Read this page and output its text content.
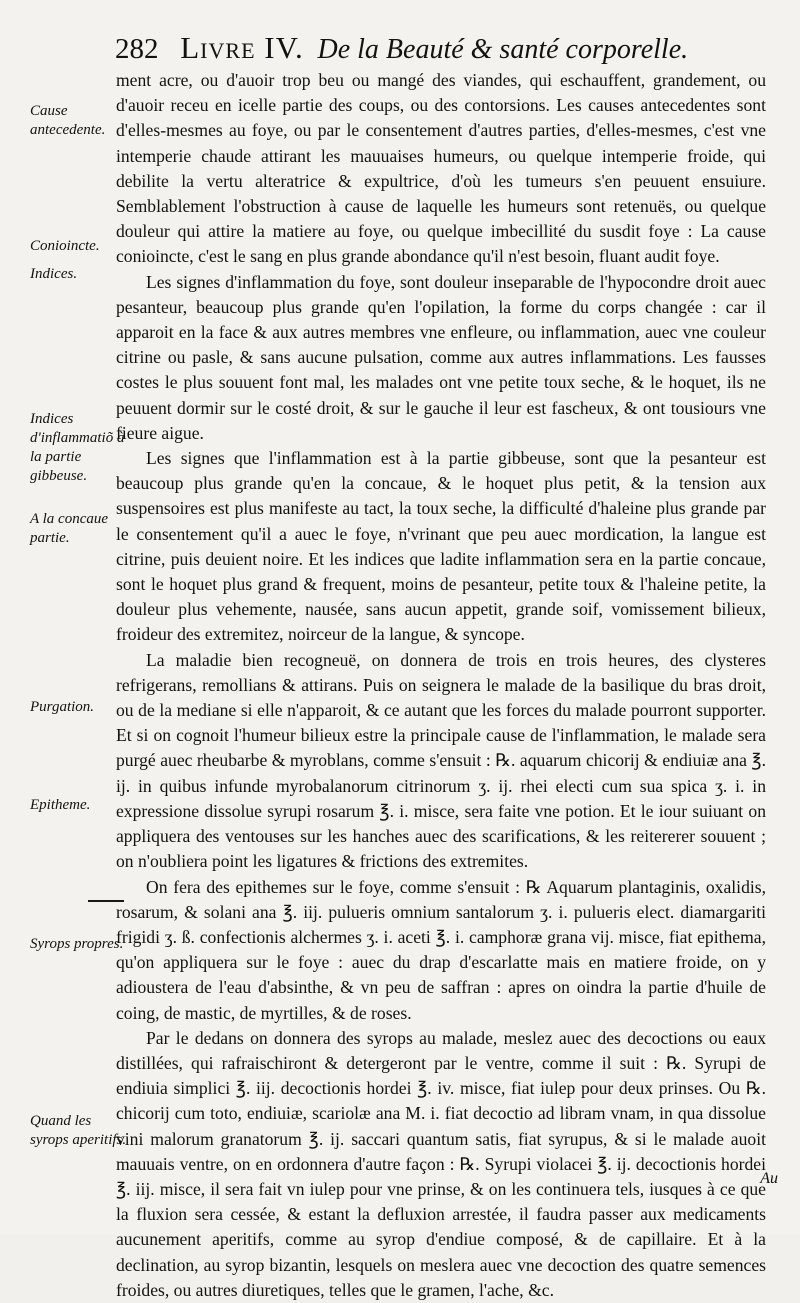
282 Livre IV. De la Beauté & santé corporelle.
Cause antecedente.
Conioincte.
Indices.
Indices d'inflammatiõ à la partie gibbeuse.
A la concaue partie.
Purgation.
Epitheme.
Syrops propres.
Quand les syrops aperitifs.

ment acre, ou d'auoir trop beu ou mangé des viandes, qui eschauffent, grandement, ou d'auoir receu en icelle partie des coups, ou des contorsions. Les causes antecedentes sont d'elles-mesmes au foye, ou par le consentement d'autres parties, d'elles-mesmes, c'est vne intemperie chaude attirant les mauuaises humeurs, ou quelque intemperie froide, qui debilite la vertu alteratrice & expultrice, d'où les tumeurs s'en peuuent ensuiure. Semblablement l'obstruction à cause de laquelle les humeurs sont retenuës, ou quelque douleur qui attire la matiere au foye, ou quelque imbecillité du susdit foye : La cause conioincte, c'est le sang en plus grande abondance qu'il n'est besoin, fluant audit foye.

Les signes d'inflammation du foye, sont douleur inseparable de l'hypocondre droit auec pesanteur, beaucoup plus grande qu'en l'opilation, la forme du corps changée : car il apparoit en la face & aux autres membres vne enfleure, ou inflammation, auec vne couleur citrine ou pasle, & sans aucune pulsation, comme aux autres inflammations. Les fausses costes le plus souuent font mal, les malades ont vne petite toux seche, & le hoquet, ils ne peuuent dormir sur le costé droit, & sur le gauche il leur est fascheux, & ont tousiours vne fieure aigue.

Les signes que l'inflammation est à la partie gibbeuse, sont que la pesanteur est beaucoup plus grande qu'en la concaue, & le hoquet plus petit, & la tension aux suspensoires est plus manifeste au tact, la toux seche, la difficulté d'haleine plus grande par le consentement qu'il a auec le foye, n'vrinant que peu auec mordication, la langue est citrine, puis deuient noire. Et les indices que ladite inflammation sera en la partie concaue, sont le hoquet plus grand & frequent, moins de pesanteur, petite toux & l'haleine petite, la douleur plus vehemente, nausée, sans aucun appetit, grande soif, vomissement bilieux, froideur des extremitez, noirceur de la langue, & syncope.

La maladie bien recogneuë, on donnera de trois en trois heures, des clysteres refrigerans, remollians & attirans. Puis on seignera le malade de la basilique du bras droit, ou de la mediane si elle n'apparoit, & ce autant que les forces du malade pourront supporter. Et si on cognoit l'humeur bilieux estre la principale cause de l'inflammation, le malade sera purgé auec rheubarbe & myroblans, comme s'ensuit : ℞. aquarum chicorij & endiuiæ ana ℥. ij. in quibus infunde myrobalanorum citrinorum ʒ. ij. rhei electi cum sua spica ʒ. i. in expressione dissolue syrupi rosarum ℥. i. misce, sera faite vne potion. Et le iour suiuant on appliquera des ventouses sur les hanches auec des scarifications, & les reitererer souuent ; on n'oubliera point les ligatures & frictions des extremites.

On fera des epithemes sur le foye, comme s'ensuit : ℞ Aquarum plantaginis, oxalidis, rosarum, & solani ana ℥. iij. pulueris omnium santalorum ʒ. i. pulueris elect. diamargariti frigidi ʒ. ß. confectionis alchermes ʒ. i. aceti ℥. i. camphoræ grana vij. misce, fiat epithema, qu'on appliquera sur le foye : auec du drap d'escarlatte mais en matiere froide, on y adioustera de l'eau d'absinthe, & vn peu de saffran : apres on oindra la partie d'huile de coing, de mastic, de myrtilles, & de roses.

Par le dedans on donnera des syrops au malade, meslez auec des decoctions ou eaux distillées, qui rafraischiront & detergeront par le ventre, comme il suit : ℞. Syrupi de endiuia simplici ℥. iij. decoctionis hordei ℥. iv. misce, fiat iulep pour deux prinses. Ou ℞. chicorij cum toto, endiuiæ, scariolæ ana M. i. fiat decoctio ad libram vnam, in qua dissolue vini malorum granatorum ℥. ij. saccari quantum satis, fiat syrupus, & si le malade auoit mauuais ventre, on en ordonnera d'autre façon : ℞. Syrupi violacei ℥. ij. decoctionis hordei ℥. iij. misce, il sera fait vn iulep pour vne prinse, & on les continuera tels, iusques à ce que la fluxion sera cessée, & estant la defluxion arrestée, il faudra passer aux medicaments aucunement aperitifs, comme au syrop d'endiue composé, & de capillaire. Et à la declination, au syrop bizantin, lesquels on meslera auec vne decoction des quatre semences froides, ou autres diuretiques, telles que le gramen, l'ache, &c.

Au
